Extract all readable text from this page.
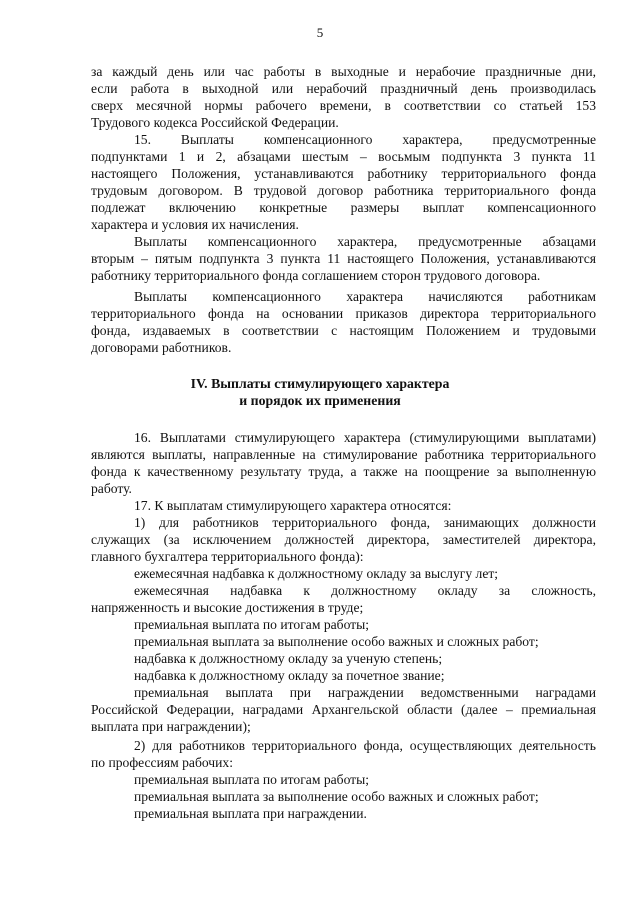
5
за каждый день или час работы в выходные и нерабочие праздничные дни,
если работа в выходной или нерабочий праздничный день производилась
сверх месячной нормы рабочего времени, в соответствии со статьей 153
Трудового кодекса Российской Федерации.
15. Выплаты компенсационного характера, предусмотренные
подпунктами 1 и 2, абзацами шестым – восьмым подпункта 3 пункта 11
настоящего Положения, устанавливаются работнику территориального фонда
трудовым договором. В трудовой договор работника территориального фонда
подлежат включению конкретные размеры выплат компенсационного
характера и условия их начисления.
Выплаты компенсационного характера, предусмотренные абзацами
вторым – пятым подпункта 3 пункта 11 настоящего Положения, устанавливаются
работнику территориального фонда соглашением сторон трудового договора.
Выплаты компенсационного характера начисляются работникам
территориального фонда на основании приказов директора территориального
фонда, издаваемых в соответствии с настоящим Положением и трудовыми
договорами работников.
IV. Выплаты стимулирующего характера
и порядок их применения
16. Выплатами стимулирующего характера (стимулирующими выплатами)
являются выплаты, направленные на стимулирование работника территориального
фонда к качественному результату труда, а также на поощрение за выполненную
работу.
17. К выплатам стимулирующего характера относятся:
1) для работников территориального фонда, занимающих должности
служащих (за исключением должностей директора, заместителей директора,
главного бухгалтера территориального фонда):
ежемесячная надбавка к должностному окладу за выслугу лет;
ежемесячная надбавка к должностному окладу за сложность,
напряженность и высокие достижения в труде;
премиальная выплата по итогам работы;
премиальная выплата за выполнение особо важных и сложных работ;
надбавка к должностному окладу за ученую степень;
надбавка к должностному окладу за почетное звание;
премиальная выплата при награждении ведомственными наградами
Российской Федерации, наградами Архангельской области (далее – премиальная
выплата при награждении);
2) для работников территориального фонда, осуществляющих деятельность
по профессиям рабочих:
премиальная выплата по итогам работы;
премиальная выплата за выполнение особо важных и сложных работ;
премиальная выплата при награждении.
